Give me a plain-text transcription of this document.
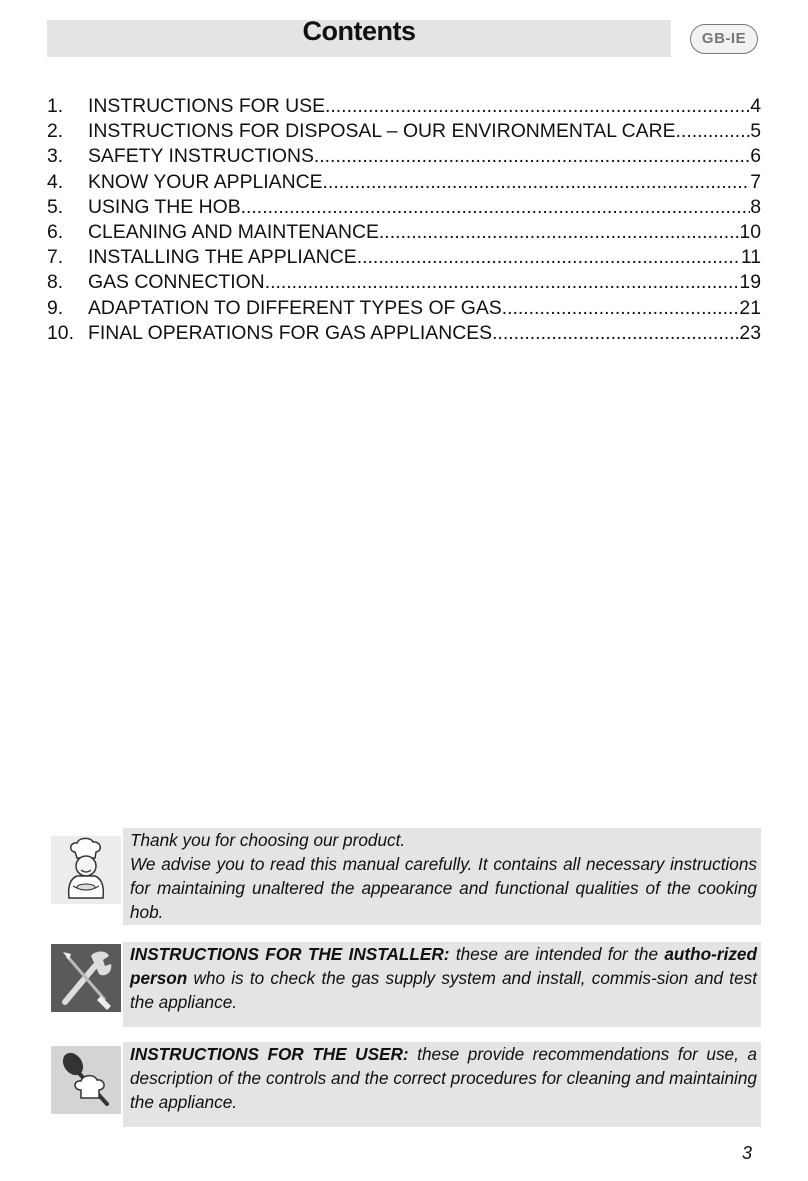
Contents	GB-IE
1.	INSTRUCTIONS FOR USE .....	4
2.	INSTRUCTIONS FOR DISPOSAL – OUR ENVIRONMENTAL CARE .....	5
3.	SAFETY INSTRUCTIONS .....	6
4.	KNOW YOUR APPLIANCE .....	7
5.	USING THE HOB .....	8
6.	CLEANING AND MAINTENANCE .....	10
7.	INSTALLING THE APPLIANCE .....	11
8.	GAS CONNECTION .....	19
9.	ADAPTATION TO DIFFERENT TYPES OF GAS .....	21
10. FINAL OPERATIONS FOR GAS APPLIANCES .....	23

Thank you for choosing our product.

We advise you to read this manual carefully. It contains all necessary instructions for maintaining unaltered the appearance and functional qualities of the cooking hob.

INSTRUCTIONS FOR THE INSTALLER: these are intended for the autho-rized person who is to check the gas supply system and install, commis-sion and test the appliance.

INSTRUCTIONS FOR THE USER: these provide recommendations for use, a description of the controls and the correct procedures for cleaning and maintaining the appliance.

3
